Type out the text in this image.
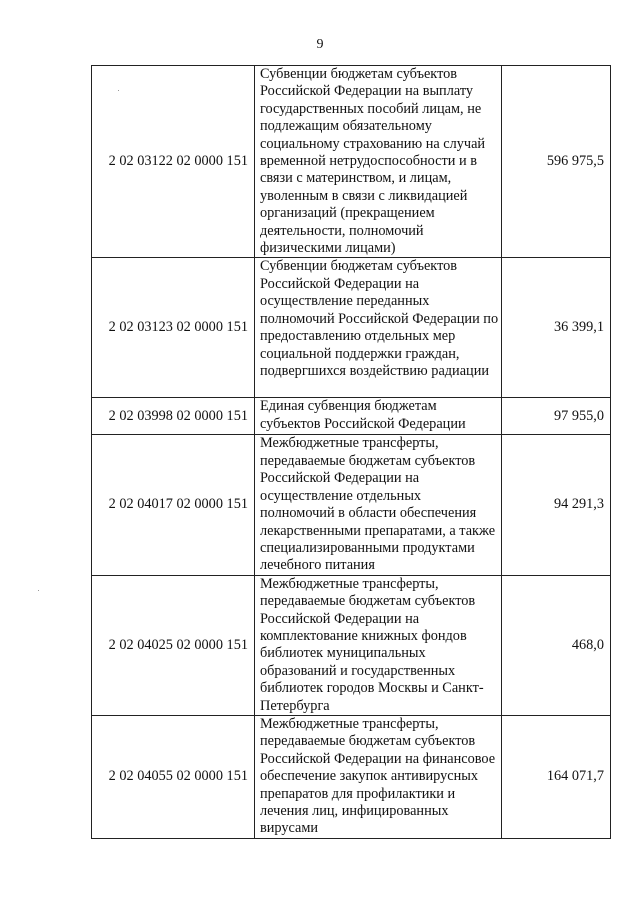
9
2 02 03122 02 0000 151	Субвенции бюджетам субъектов Российской Федерации на выплату государственных пособий лицам, не подлежащим обязательному социальному страхованию на случай временной нетрудоспособности и в связи с материнством, и лицам, уволенным в связи с ликвидацией организаций (прекращением деятельности, полномочий физическими лицами)	596 975,5
2 02 03123 02 0000 151	Субвенции бюджетам субъектов Российской Федерации на осуществление переданных полномочий Российской Федерации по предоставлению отдельных мер социальной поддержки граждан, подвергшихся воздействию радиации	36 399,1
2 02 03998 02 0000 151	Единая субвенция бюджетам субъектов Российской Федерации	97 955,0
2 02 04017 02 0000 151	Межбюджетные трансферты, передаваемые бюджетам субъектов Российской Федерации на осуществление отдельных полномочий в области обеспечения лекарственными препаратами, а также специализированными продуктами лечебного питания	94 291,3
2 02 04025 02 0000 151	Межбюджетные трансферты, передаваемые бюджетам субъектов Российской Федерации на комплектование книжных фондов библиотек муниципальных образований и государственных библиотек городов Москвы и Санкт-Петербурга	468,0
2 02 04055 02 0000 151	Межбюджетные трансферты, передаваемые бюджетам субъектов Российской Федерации на финансовое обеспечение закупок антивирусных препаратов для профилактики и лечения лиц, инфицированных вирусами	164 071,7
